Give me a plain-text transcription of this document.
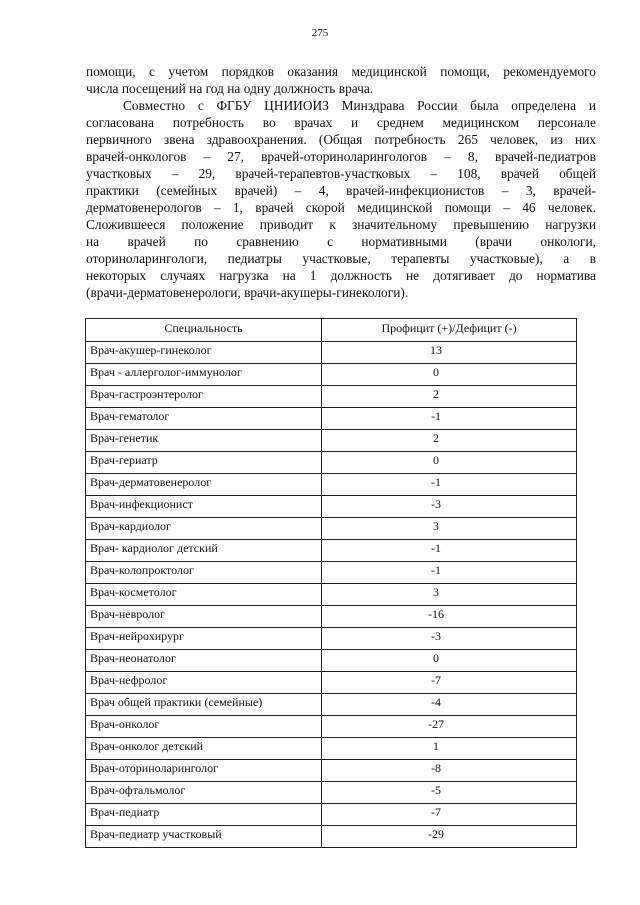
275
помощи, с учетом порядков оказания медицинской помощи, рекомендуемого
числа посещений на год на одну должность врача.
Совместно с ФГБУ ЦНИИОИЗ Минздрава России была определена и
согласована потребность во врачах и среднем медицинском персонале
первичного звена здравоохранения. (Общая потребность 265 человек, из них
врачей-онкологов – 27, врачей-оториноларингологов – 8, врачей-педиатров
участковых – 29, врачей-терапевтов-участковых – 108, врачей общей
практики (семейных врачей) – 4, врачей-инфекционистов – 3, врачей-
дерматовенерологов – 1, врачей скорой медицинской помощи – 46 человек.
Сложившееся положение приводит к значительному превышению нагрузки
на врачей по сравнению с нормативными (врачи онкологи,
оториноларингологи, педиатры участковые, терапевты участковые), а в
некоторых случаях нагрузка на 1 должность не дотягивает до норматива
(врачи-дерматовенерологи, врачи-акушеры-гинекологи).
Специальность	Профицит (+)/Дефицит (-)
Врач-акушер-гинеколог	13
Врач - аллерголог-иммунолог	0
Врач-гастроэнтеролог	2
Врач-гематолог	-1
Врач-генетик	2
Врач-гериатр	0
Врач-дерматовенеролог	-1
Врач-инфекционист	-3
Врач-кардиолог	3
Врач- кардиолог детский	-1
Врач-колопроктолог	-1
Врач-косметолог	3
Врач-невролог	-16
Врач-нейрохирург	-3
Врач-неонатолог	0
Врач-нефролог	-7
Врач общей практики (семейные)	-4
Врач-онколог	-27
Врач-онколог детский	1
Врач-оториноларинголог	-8
Врач-офтальмолог	-5
Врач-педиатр	-7
Врач-педиатр участковый	-29
